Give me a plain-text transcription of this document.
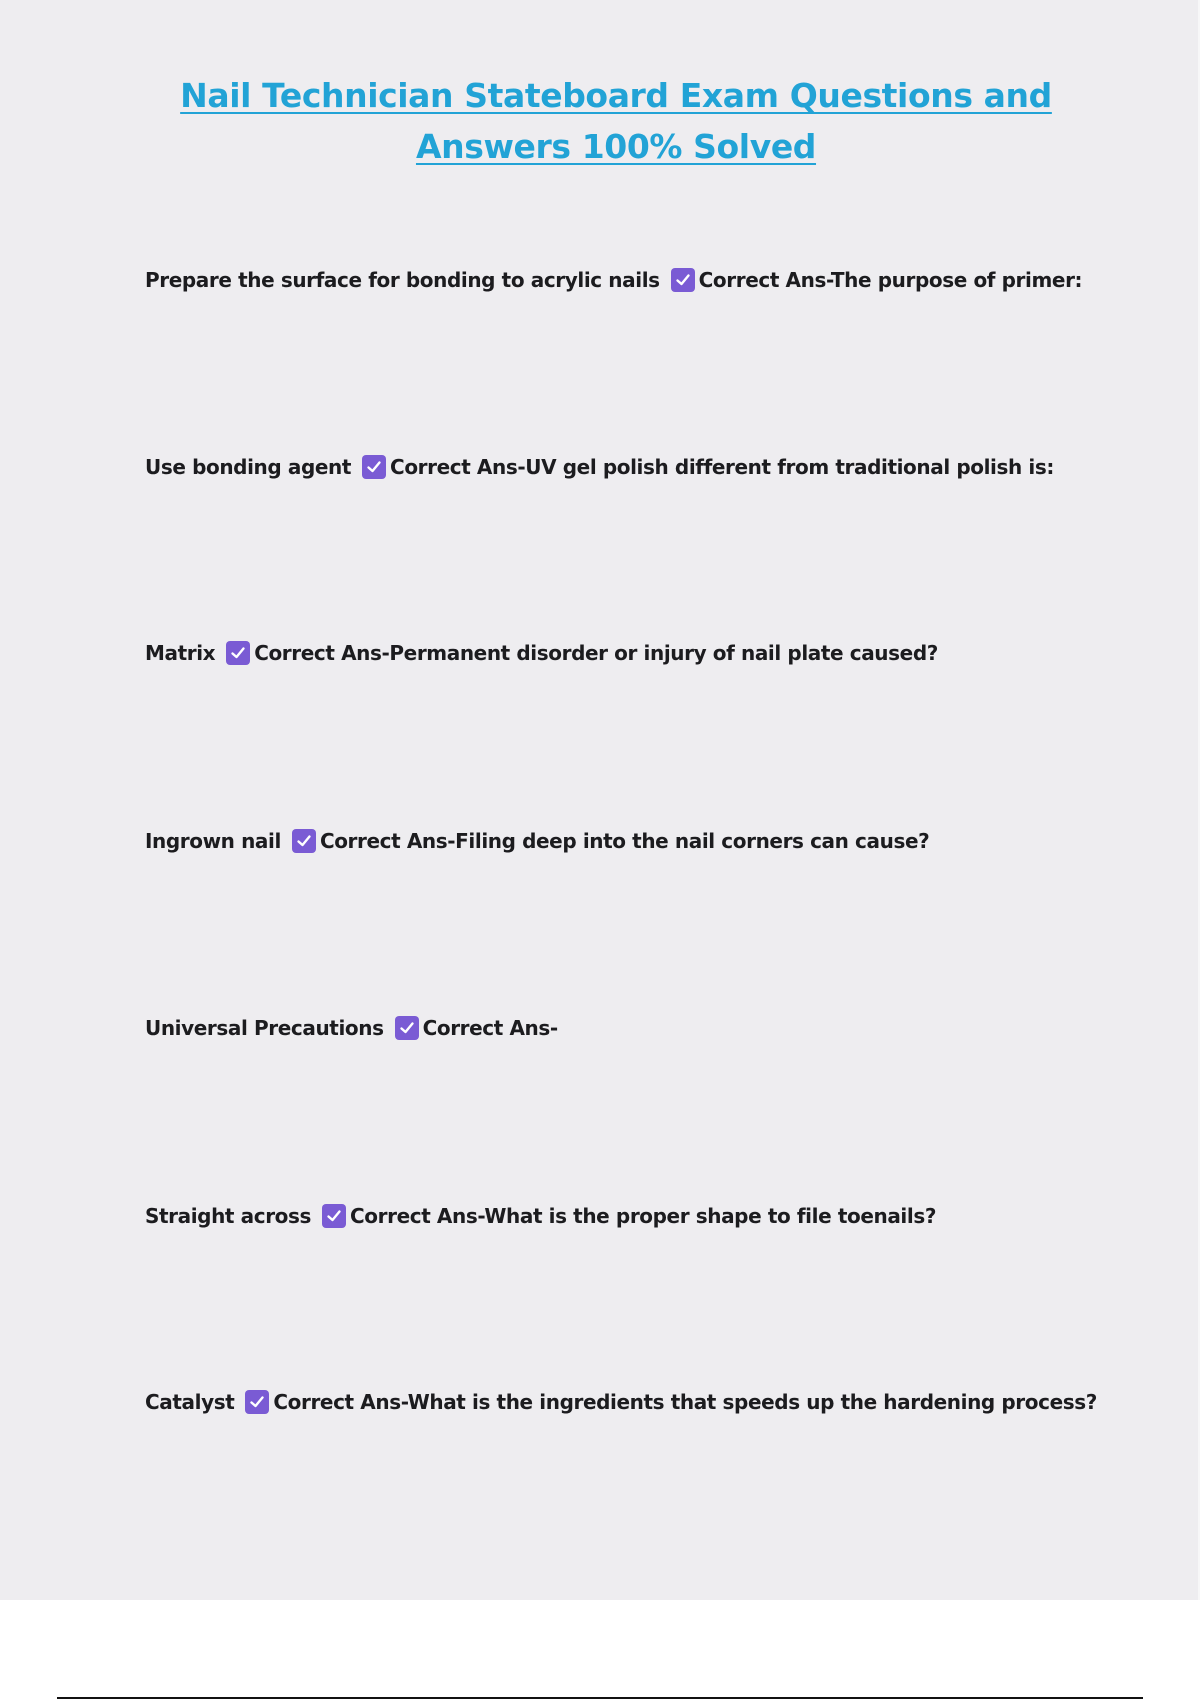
Nail Technician Stateboard Exam Questions and Answers 100% Solved
Prepare the surface for bonding to acrylic nails Correct Ans-The purpose of primer:
Use bonding agent Correct Ans-UV gel polish different from traditional polish is:
Matrix Correct Ans-Permanent disorder or injury of nail plate caused?
Ingrown nail Correct Ans-Filing deep into the nail corners can cause?
Universal Precautions Correct Ans-
Straight across Correct Ans-What is the proper shape to file toenails?
Catalyst Correct Ans-What is the ingredients that speeds up the hardening process?
